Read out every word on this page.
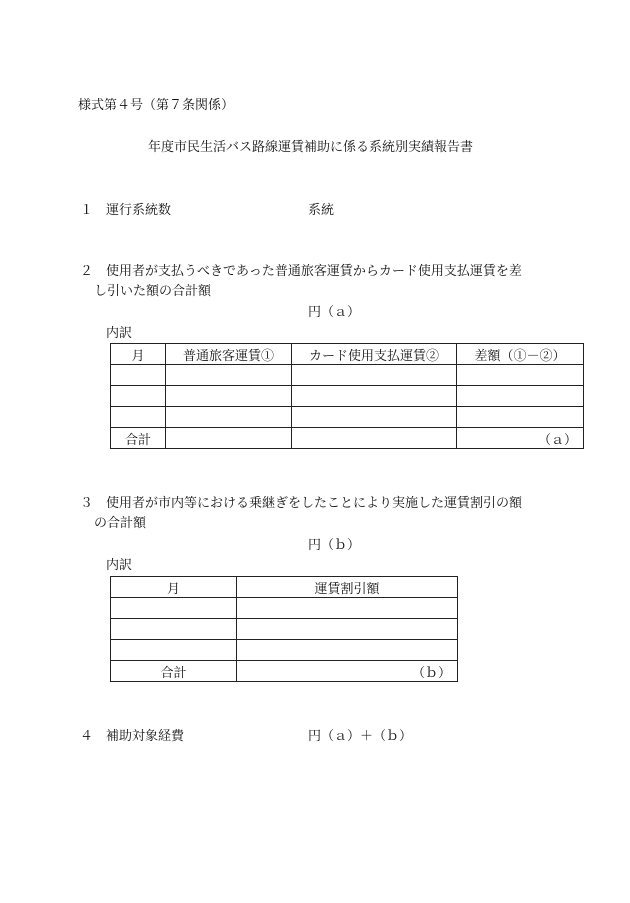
様式第４号（第７条関係）
年度市民生活バス路線運賃補助に係る系統別実績報告書
１　運行系統数	系統
２　使用者が支払うべきであった普通旅客運賃からカード使用支払運賃を差
し引いた額の合計額
円（ａ）
内訳
月	普通旅客運賃①	カード使用支払運賃②	差額（①－②）

合計			（ａ）
３　使用者が市内等における乗継ぎをしたことにより実施した運賃割引の額
の合計額
円（ｂ）
内訳
月	運賃割引額

合計	（ｂ）
４　補助対象経費	円（ａ）＋（ｂ）
